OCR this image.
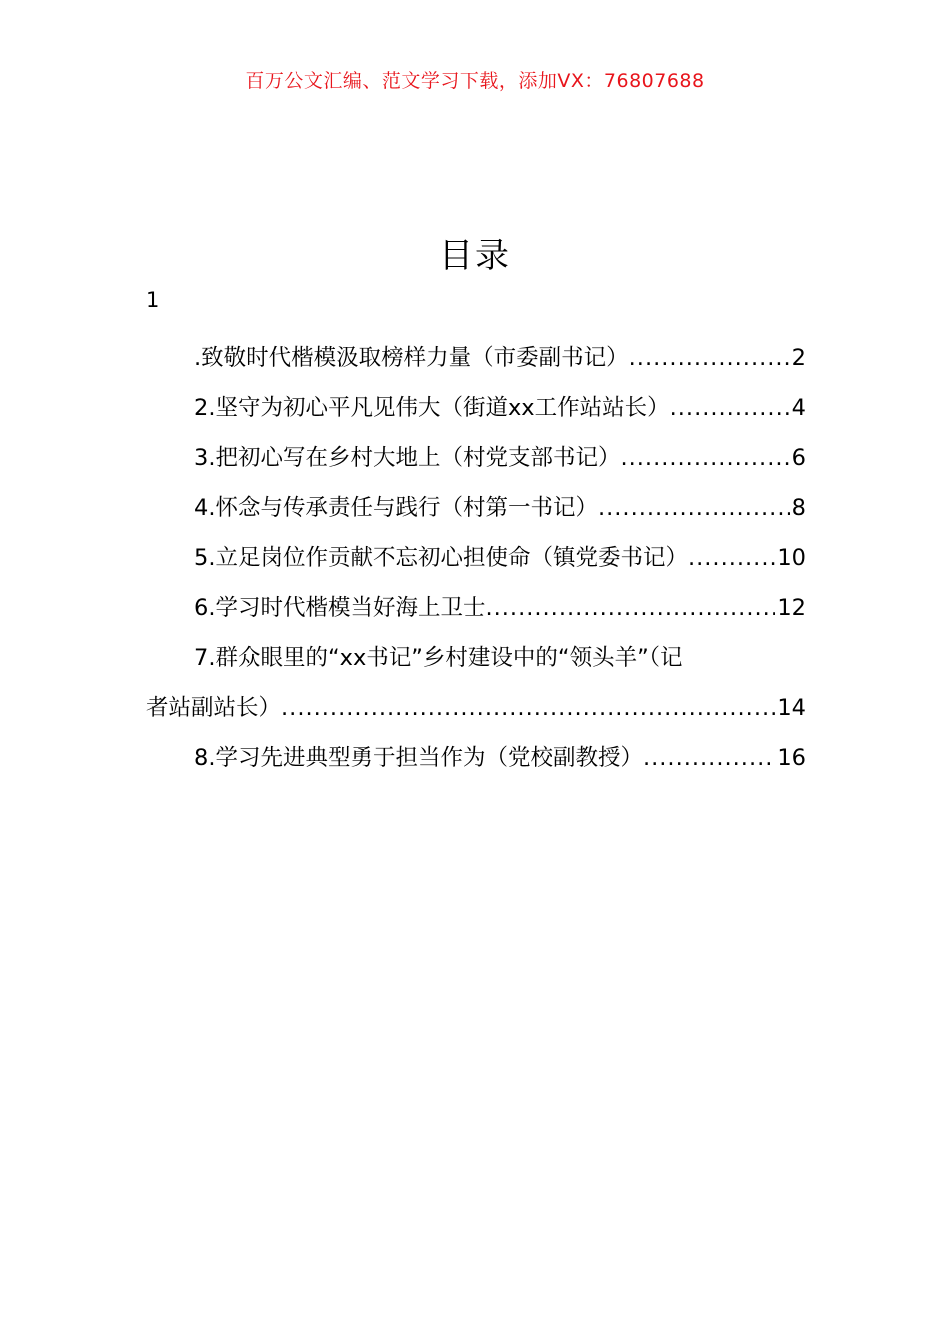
百万公文汇编、范文学习下载，添加VX：76807688
目录
1
.致敬时代楷模汲取榜样力量（市委副书记） .....	2
2.坚守为初心平凡见伟大（街道xx工作站站长） .....	4
3.把初心写在乡村大地上（村党支部书记） .....	6
4.怀念与传承责任与践行（村第一书记） .....	8
5.立足岗位作贡献不忘初心担使命（镇党委书记） .....	10
6.学习时代楷模当好海上卫士 .....	12
7.群众眼里的“xx书记”乡村建设中的“领头羊”（记
者站副站长） .....	14
8.学习先进典型勇于担当作为（党校副教授） .....	16
